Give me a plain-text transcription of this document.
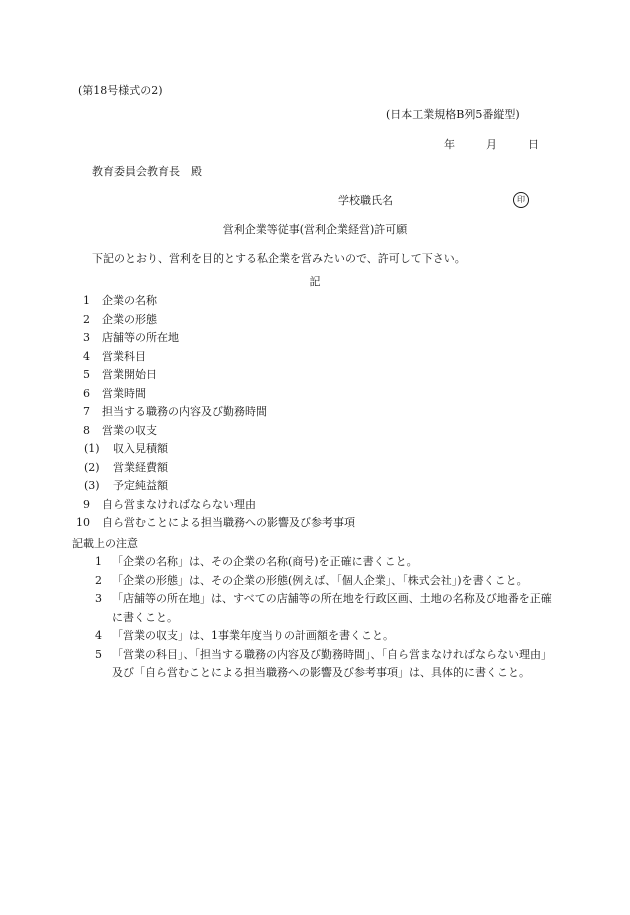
(第18号様式の2)
(日本工業規格B列5番縦型)
年	月	日
教育委員会教育長　殿
学校職氏名	印
営利企業等従事(営利企業経営)許可願
下記のとおり、営利を目的とする私企業を営みたいので、許可して下さい。
記
1 企業の名称
2 企業の形態
3 店舗等の所在地
4 営業科目
5 営業開始日
6 営業時間
7 担当する職務の内容及び勤務時間
8 営業の収支
(1)	収入見積額
(2)	営業経費額
(3)	予定純益額
9 自ら営まなければならない理由
10 自ら営むことによる担当職務への影響及び参考事項
記載上の注意
1 「企業の名称」は、その企業の名称(商号)を正確に書くこと。
2 「企業の形態」は、その企業の形態(例えば、「個人企業」、「株式会社」)を書くこと。
3 「店舗等の所在地」は、すべての店舗等の所在地を行政区画、土地の名称及び地番を正確に書くこと。
4 「営業の収支」は、1事業年度当りの計画額を書くこと。
5 「営業の科目」、「担当する職務の内容及び勤務時間」、「自ら営まなければならない理由」及び「自ら営むことによる担当職務への影響及び参考事項」は、具体的に書くこと。
